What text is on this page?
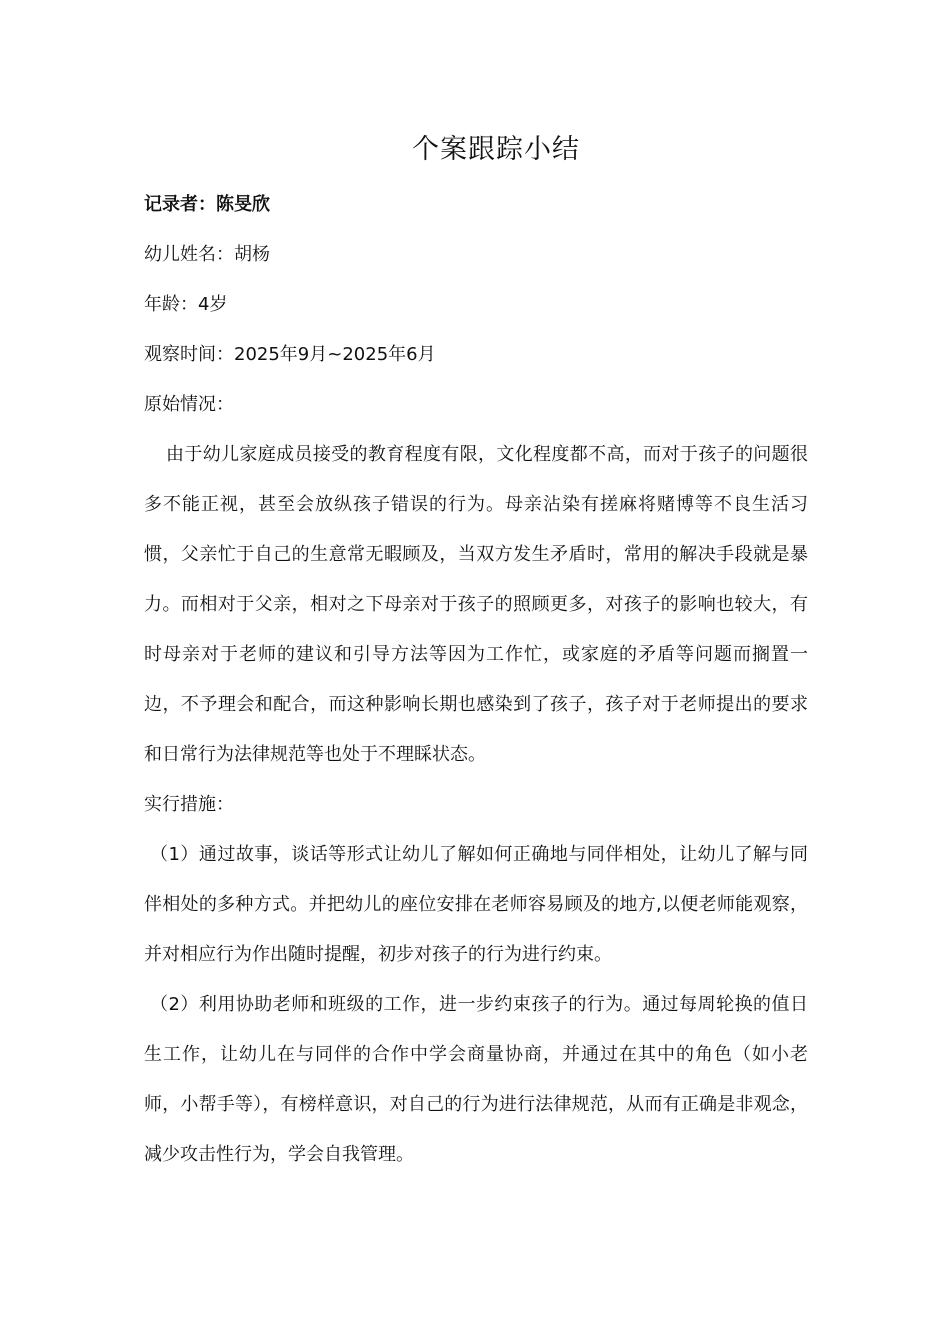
个案跟踪小结
记录者：陈旻欣
幼儿姓名：胡杨
年龄：4岁
观察时间：2025年9月~2025年6月
原始情况：

由于幼儿家庭成员接受的教育程度有限，文化程度都不高，而对于孩子的问题很多不能正视，甚至会放纵孩子错误的行为。母亲沾染有搓麻将赌博等不良生活习惯，父亲忙于自己的生意常无暇顾及，当双方发生矛盾时，常用的解决手段就是暴力。而相对于父亲，相对之下母亲对于孩子的照顾更多，对孩子的影响也较大，有时母亲对于老师的建议和引导方法等因为工作忙，或家庭的矛盾等问题而搁置一边，不予理会和配合，而这种影响长期也感染到了孩子，孩子对于老师提出的要求和日常行为法律规范等也处于不理睬状态。

实行措施：

（1）通过故事，谈话等形式让幼儿了解如何正确地与同伴相处，让幼儿了解与同伴相处的多种方式。并把幼儿的座位安排在老师容易顾及的地方,以便老师能观察，并对相应行为作出随时提醒，初步对孩子的行为进行约束。

（2）利用协助老师和班级的工作，进一步约束孩子的行为。通过每周轮换的值日生工作，让幼儿在与同伴的合作中学会商量协商，并通过在其中的角色（如小老师，小帮手等），有榜样意识，对自己的行为进行法律规范，从而有正确是非观念，减少攻击性行为，学会自我管理。
